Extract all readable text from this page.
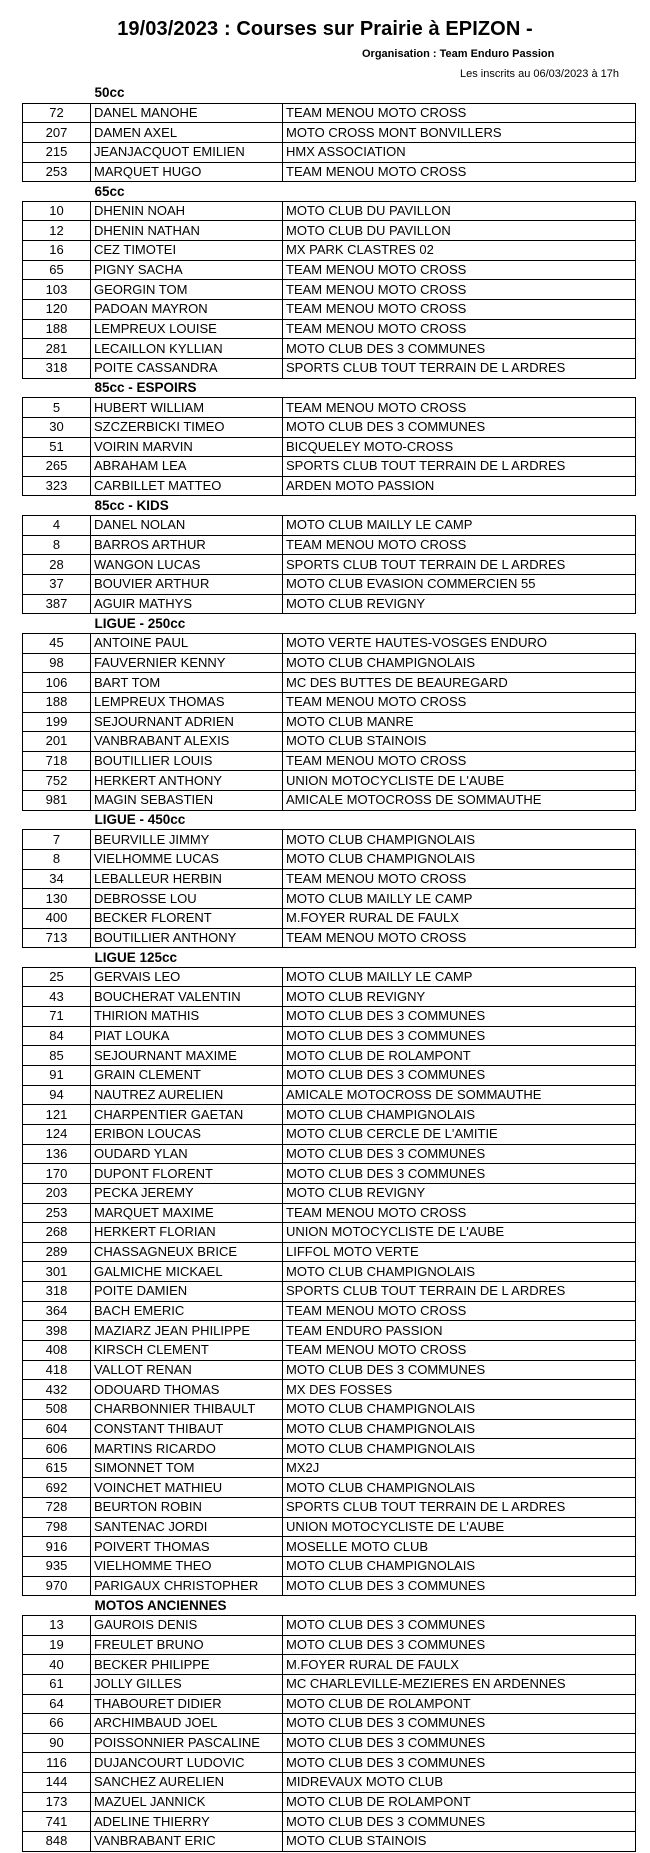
19/03/2023 : Courses sur Prairie à EPIZON -
Organisation : Team Enduro Passion
Les inscrits au 06/03/2023 à 17h
	50cc	
72	DANEL MANOHE	TEAM MENOU MOTO CROSS
207	DAMEN AXEL	MOTO CROSS MONT BONVILLERS
215	JEANJACQUOT EMILIEN	HMX ASSOCIATION
253	MARQUET HUGO	TEAM MENOU MOTO CROSS
	65cc	
10	DHENIN NOAH	MOTO CLUB DU PAVILLON
12	DHENIN NATHAN	MOTO CLUB DU PAVILLON
16	CEZ TIMOTEI	MX PARK CLASTRES 02
65	PIGNY SACHA	TEAM MENOU MOTO CROSS
103	GEORGIN TOM	TEAM MENOU MOTO CROSS
120	PADOAN MAYRON	TEAM MENOU MOTO CROSS
188	LEMPREUX LOUISE	TEAM MENOU MOTO CROSS
281	LECAILLON KYLLIAN	MOTO CLUB DES 3 COMMUNES
318	POITE CASSANDRA	SPORTS CLUB TOUT TERRAIN DE L ARDRES
	85cc - ESPOIRS	
5	HUBERT WILLIAM	TEAM MENOU MOTO CROSS
30	SZCZERBICKI TIMEO	MOTO CLUB DES 3 COMMUNES
51	VOIRIN MARVIN	BICQUELEY MOTO-CROSS
265	ABRAHAM LEA	SPORTS CLUB TOUT TERRAIN DE L ARDRES
323	CARBILLET MATTEO	ARDEN MOTO PASSION
	85cc - KIDS	
4	DANEL NOLAN	MOTO CLUB MAILLY LE CAMP
8	BARROS ARTHUR	TEAM MENOU MOTO CROSS
28	WANGON LUCAS	SPORTS CLUB TOUT TERRAIN DE L ARDRES
37	BOUVIER ARTHUR	MOTO CLUB EVASION COMMERCIEN 55
387	AGUIR MATHYS	MOTO CLUB REVIGNY
	LIGUE - 250cc	
45	ANTOINE PAUL	MOTO VERTE HAUTES-VOSGES ENDURO
98	FAUVERNIER KENNY	MOTO CLUB CHAMPIGNOLAIS
106	BART TOM	MC DES BUTTES DE BEAUREGARD
188	LEMPREUX THOMAS	TEAM MENOU MOTO CROSS
199	SEJOURNANT ADRIEN	MOTO CLUB MANRE
201	VANBRABANT ALEXIS	MOTO CLUB STAINOIS
718	BOUTILLIER LOUIS	TEAM MENOU MOTO CROSS
752	HERKERT ANTHONY	UNION MOTOCYCLISTE DE L'AUBE
981	MAGIN SEBASTIEN	AMICALE MOTOCROSS DE SOMMAUTHE
	LIGUE - 450cc	
7	BEURVILLE JIMMY	MOTO CLUB CHAMPIGNOLAIS
8	VIELHOMME LUCAS	MOTO CLUB CHAMPIGNOLAIS
34	LEBALLEUR HERBIN	TEAM MENOU MOTO CROSS
130	DEBROSSE LOU	MOTO CLUB MAILLY LE CAMP
400	BECKER FLORENT	M.FOYER RURAL DE FAULX
713	BOUTILLIER ANTHONY	TEAM MENOU MOTO CROSS
	LIGUE 125cc	
25	GERVAIS LEO	MOTO CLUB MAILLY LE CAMP
43	BOUCHERAT VALENTIN	MOTO CLUB REVIGNY
71	THIRION MATHIS	MOTO CLUB DES 3 COMMUNES
84	PIAT LOUKA	MOTO CLUB DES 3 COMMUNES
85	SEJOURNANT MAXIME	MOTO CLUB DE ROLAMPONT
91	GRAIN CLEMENT	MOTO CLUB DES 3 COMMUNES
94	NAUTREZ AURELIEN	AMICALE MOTOCROSS DE SOMMAUTHE
121	CHARPENTIER GAETAN	MOTO CLUB CHAMPIGNOLAIS
124	ERIBON LOUCAS	MOTO CLUB CERCLE DE L'AMITIE
136	OUDARD YLAN	MOTO CLUB DES 3 COMMUNES
170	DUPONT FLORENT	MOTO CLUB DES 3 COMMUNES
203	PECKA JEREMY	MOTO CLUB REVIGNY
253	MARQUET MAXIME	TEAM MENOU MOTO CROSS
268	HERKERT FLORIAN	UNION MOTOCYCLISTE DE L'AUBE
289	CHASSAGNEUX BRICE	LIFFOL MOTO VERTE
301	GALMICHE MICKAEL	MOTO CLUB CHAMPIGNOLAIS
318	POITE DAMIEN	SPORTS CLUB TOUT TERRAIN DE L ARDRES
364	BACH EMERIC	TEAM MENOU MOTO CROSS
398	MAZIARZ JEAN PHILIPPE	TEAM ENDURO PASSION
408	KIRSCH CLEMENT	TEAM MENOU MOTO CROSS
418	VALLOT RENAN	MOTO CLUB DES 3 COMMUNES
432	ODOUARD THOMAS	MX DES FOSSES
508	CHARBONNIER THIBAULT	MOTO CLUB CHAMPIGNOLAIS
604	CONSTANT THIBAUT	MOTO CLUB CHAMPIGNOLAIS
606	MARTINS RICARDO	MOTO CLUB CHAMPIGNOLAIS
615	SIMONNET TOM	MX2J
692	VOINCHET MATHIEU	MOTO CLUB CHAMPIGNOLAIS
728	BEURTON ROBIN	SPORTS CLUB TOUT TERRAIN DE L ARDRES
798	SANTENAC JORDI	UNION MOTOCYCLISTE DE L'AUBE
916	POIVERT THOMAS	MOSELLE MOTO CLUB
935	VIELHOMME THEO	MOTO CLUB CHAMPIGNOLAIS
970	PARIGAUX CHRISTOPHER	MOTO CLUB DES 3 COMMUNES
	MOTOS ANCIENNES	
13	GAUROIS DENIS	MOTO CLUB DES 3 COMMUNES
19	FREULET BRUNO	MOTO CLUB DES 3 COMMUNES
40	BECKER PHILIPPE	M.FOYER RURAL DE FAULX
61	JOLLY GILLES	MC CHARLEVILLE-MEZIERES EN ARDENNES
64	THABOURET DIDIER	MOTO CLUB DE ROLAMPONT
66	ARCHIMBAUD JOEL	MOTO CLUB DES 3 COMMUNES
90	POISSONNIER PASCALINE	MOTO CLUB DES 3 COMMUNES
116	DUJANCOURT LUDOVIC	MOTO CLUB DES 3 COMMUNES
144	SANCHEZ AURELIEN	MIDREVAUX MOTO CLUB
173	MAZUEL JANNICK	MOTO CLUB DE ROLAMPONT
741	ADELINE THIERRY	MOTO CLUB DES 3 COMMUNES
848	VANBRABANT ERIC	MOTO CLUB STAINOIS
